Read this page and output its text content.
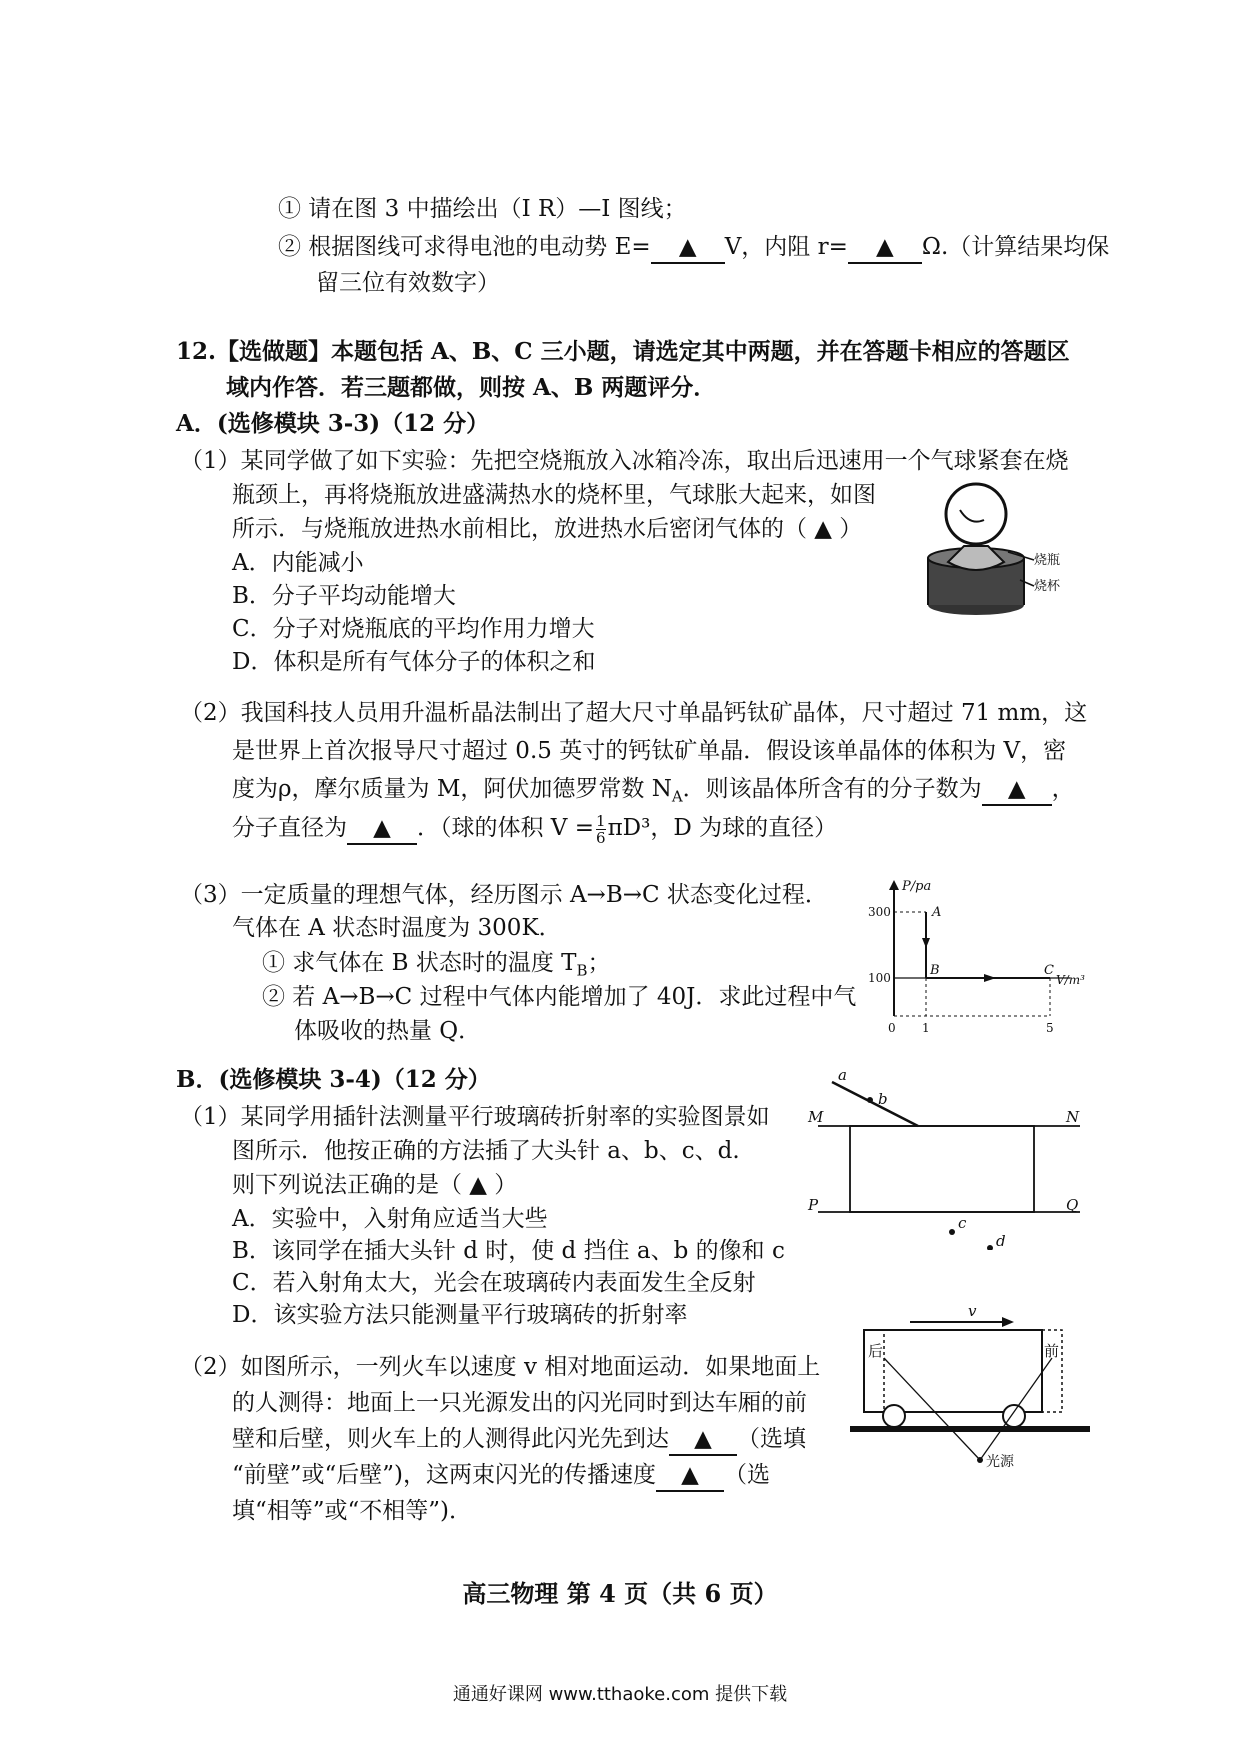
① 请在图 3 中描绘出（I R）—I 图线；
② 根据图线可求得电池的电动势 E= ▲ V，内阻 r= ▲ Ω.（计算结果均保
留三位有效数字）
12.【选做题】本题包括 A、B、C 三小题，请选定其中两题，并在答题卡相应的答题区
域内作答．若三题都做，则按 A、B 两题评分．
A．(选修模块 3-3)（12 分）
（1）某同学做了如下实验：先把空烧瓶放入冰箱冷冻，取出后迅速用一个气球紧套在烧
瓶颈上，再将烧瓶放进盛满热水的烧杯里，气球胀大起来，如图
所示．与烧瓶放进热水前相比，放进热水后密闭气体的（ ▲ ）
A．内能减小
B．分子平均动能增大
C．分子对烧瓶底的平均作用力增大
D．体积是所有气体分子的体积之和
烧瓶
烧杯
（2）我国科技人员用升温析晶法制出了超大尺寸单晶钙钛矿晶体，尺寸超过 71 mm，这
是世界上首次报导尺寸超过 0.5 英寸的钙钛矿单晶．假设该单晶体的体积为 V，密
度为ρ，摩尔质量为 M，阿伏加德罗常数 $N_A$．则该晶体所含有的分子数为 ▲ ，
分子直径为 ▲ ．（球的体积 $V = \frac{1}{6} \pi D^3$，D 为球的直径）
（3）一定质量的理想气体，经历图示 A→B→C 状态变化过程．
气体在 A 状态时温度为 300K．
① 求气体在 B 状态时的温度 $T_B$；
② 若 A→B→C 过程中气体内能增加了 40J．求此过程中气
体吸收的热量 Q．
P/pa
300
100
A
B	C
V/m³
0 1	5
B．(选修模块 3-4)（12 分）
（1）某同学用插针法测量平行玻璃砖折射率的实验图景如
图所示．他按正确的方法插了大头针 a、b、c、d.
则下列说法正确的是（ ▲ ）
A．实验中，入射角应适当大些
B．该同学在插大头针 d 时，使 d 挡住 a、b 的像和 c
C．若入射角太大，光会在玻璃砖内表面发生全反射
D．该实验方法只能测量平行玻璃砖的折射率
a
b
M	N
P	Q
c
d
（2）如图所示，一列火车以速度 v 相对地面运动．如果地面上
的人测得：地面上一只光源发出的闪光同时到达车厢的前
壁和后壁，则火车上的人测得此闪光先到达 ▲ （选填
“前壁”或“后壁”)，这两束闪光的传播速度 ▲ （选
填“相等”或“不相等”)．
v
后	前
光源
高三物理 第 4 页（共 6 页）
通通好课网 www.tthaoke.com 提供下载
